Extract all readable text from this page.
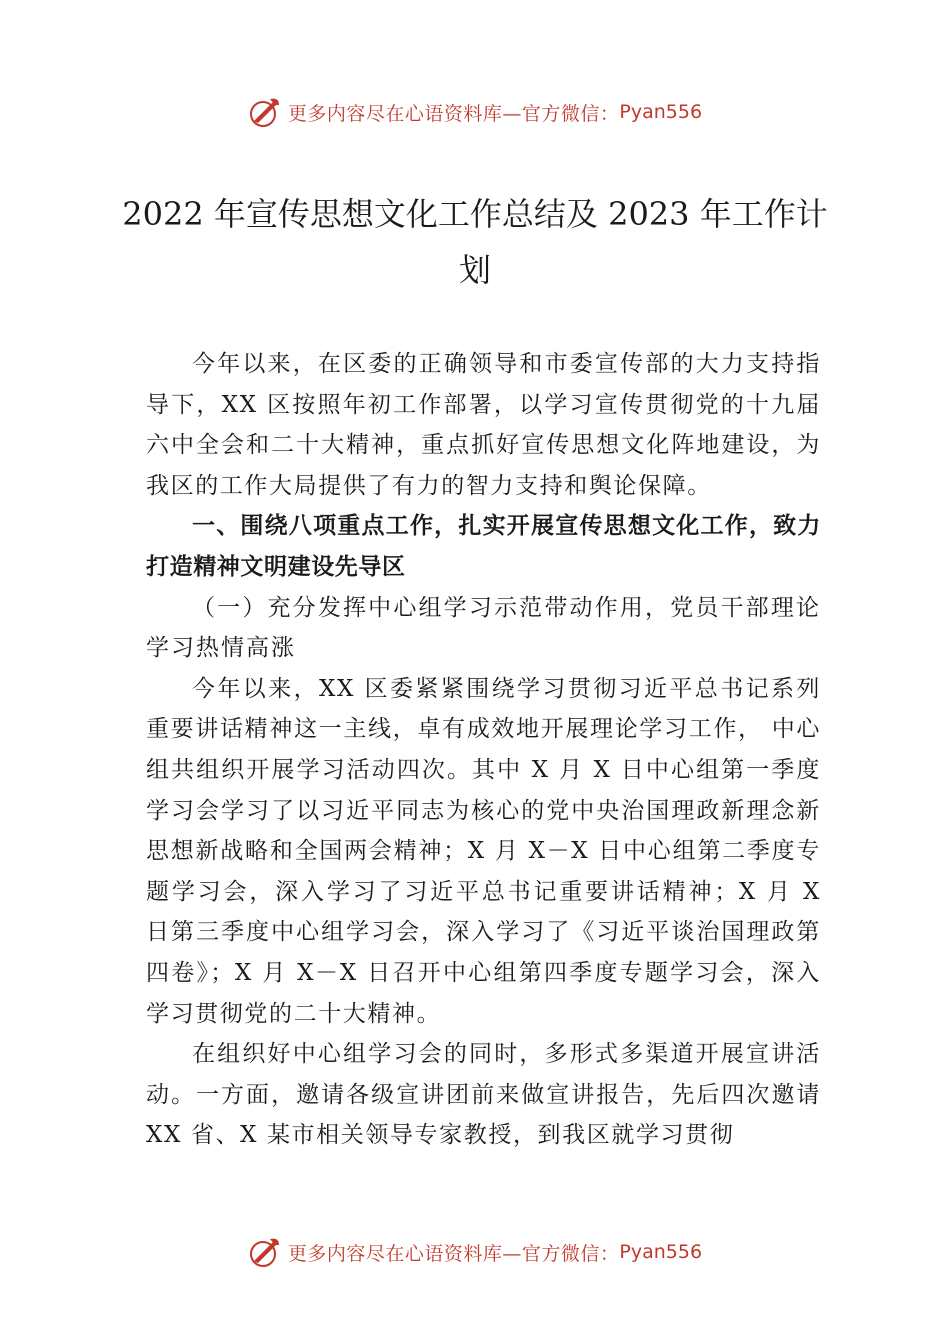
更多内容尽在心语资料库—官方微信： Pyan556
2022 年宣传思想文化工作总结及 2023 年工作计划

今年以来，在区委的正确领导和市委宣传部的大力支持指导下，XX 区按照年初工作部署，以学习宣传贯彻党的十九届六中全会和二十大精神，重点抓好宣传思想文化阵地建设，为我区的工作大局提供了有力的智力支持和舆论保障。

一、围绕八项重点工作，扎实开展宣传思想文化工作，致力打造精神文明建设先导区

（一）充分发挥中心组学习示范带动作用，党员干部理论学习热情高涨

今年以来，XX 区委紧紧围绕学习贯彻习近平总书记系列重要讲话精神这一主线，卓有成效地开展理论学习工作， 中心组共组织开展学习活动四次。其中 X 月 X 日中心组第一季度学习会学习了以习近平同志为核心的党中央治国理政新理念新思想新战略和全国两会精神；X 月 X－X 日中心组第二季度专题学习会，深入学习了习近平总书记重要讲话精神；X 月 X 日第三季度中心组学习会，深入学习了《习近平谈治国理政第四卷》；X 月 X－X 日召开中心组第四季度专题学习会，深入学习贯彻党的二十大精神。

在组织好中心组学习会的同时，多形式多渠道开展宣讲活动。一方面，邀请各级宣讲团前来做宣讲报告，先后四次邀请 XX 省、X 某市相关领导专家教授，到我区就学习贯彻

更多内容尽在心语资料库—官方微信： Pyan556
